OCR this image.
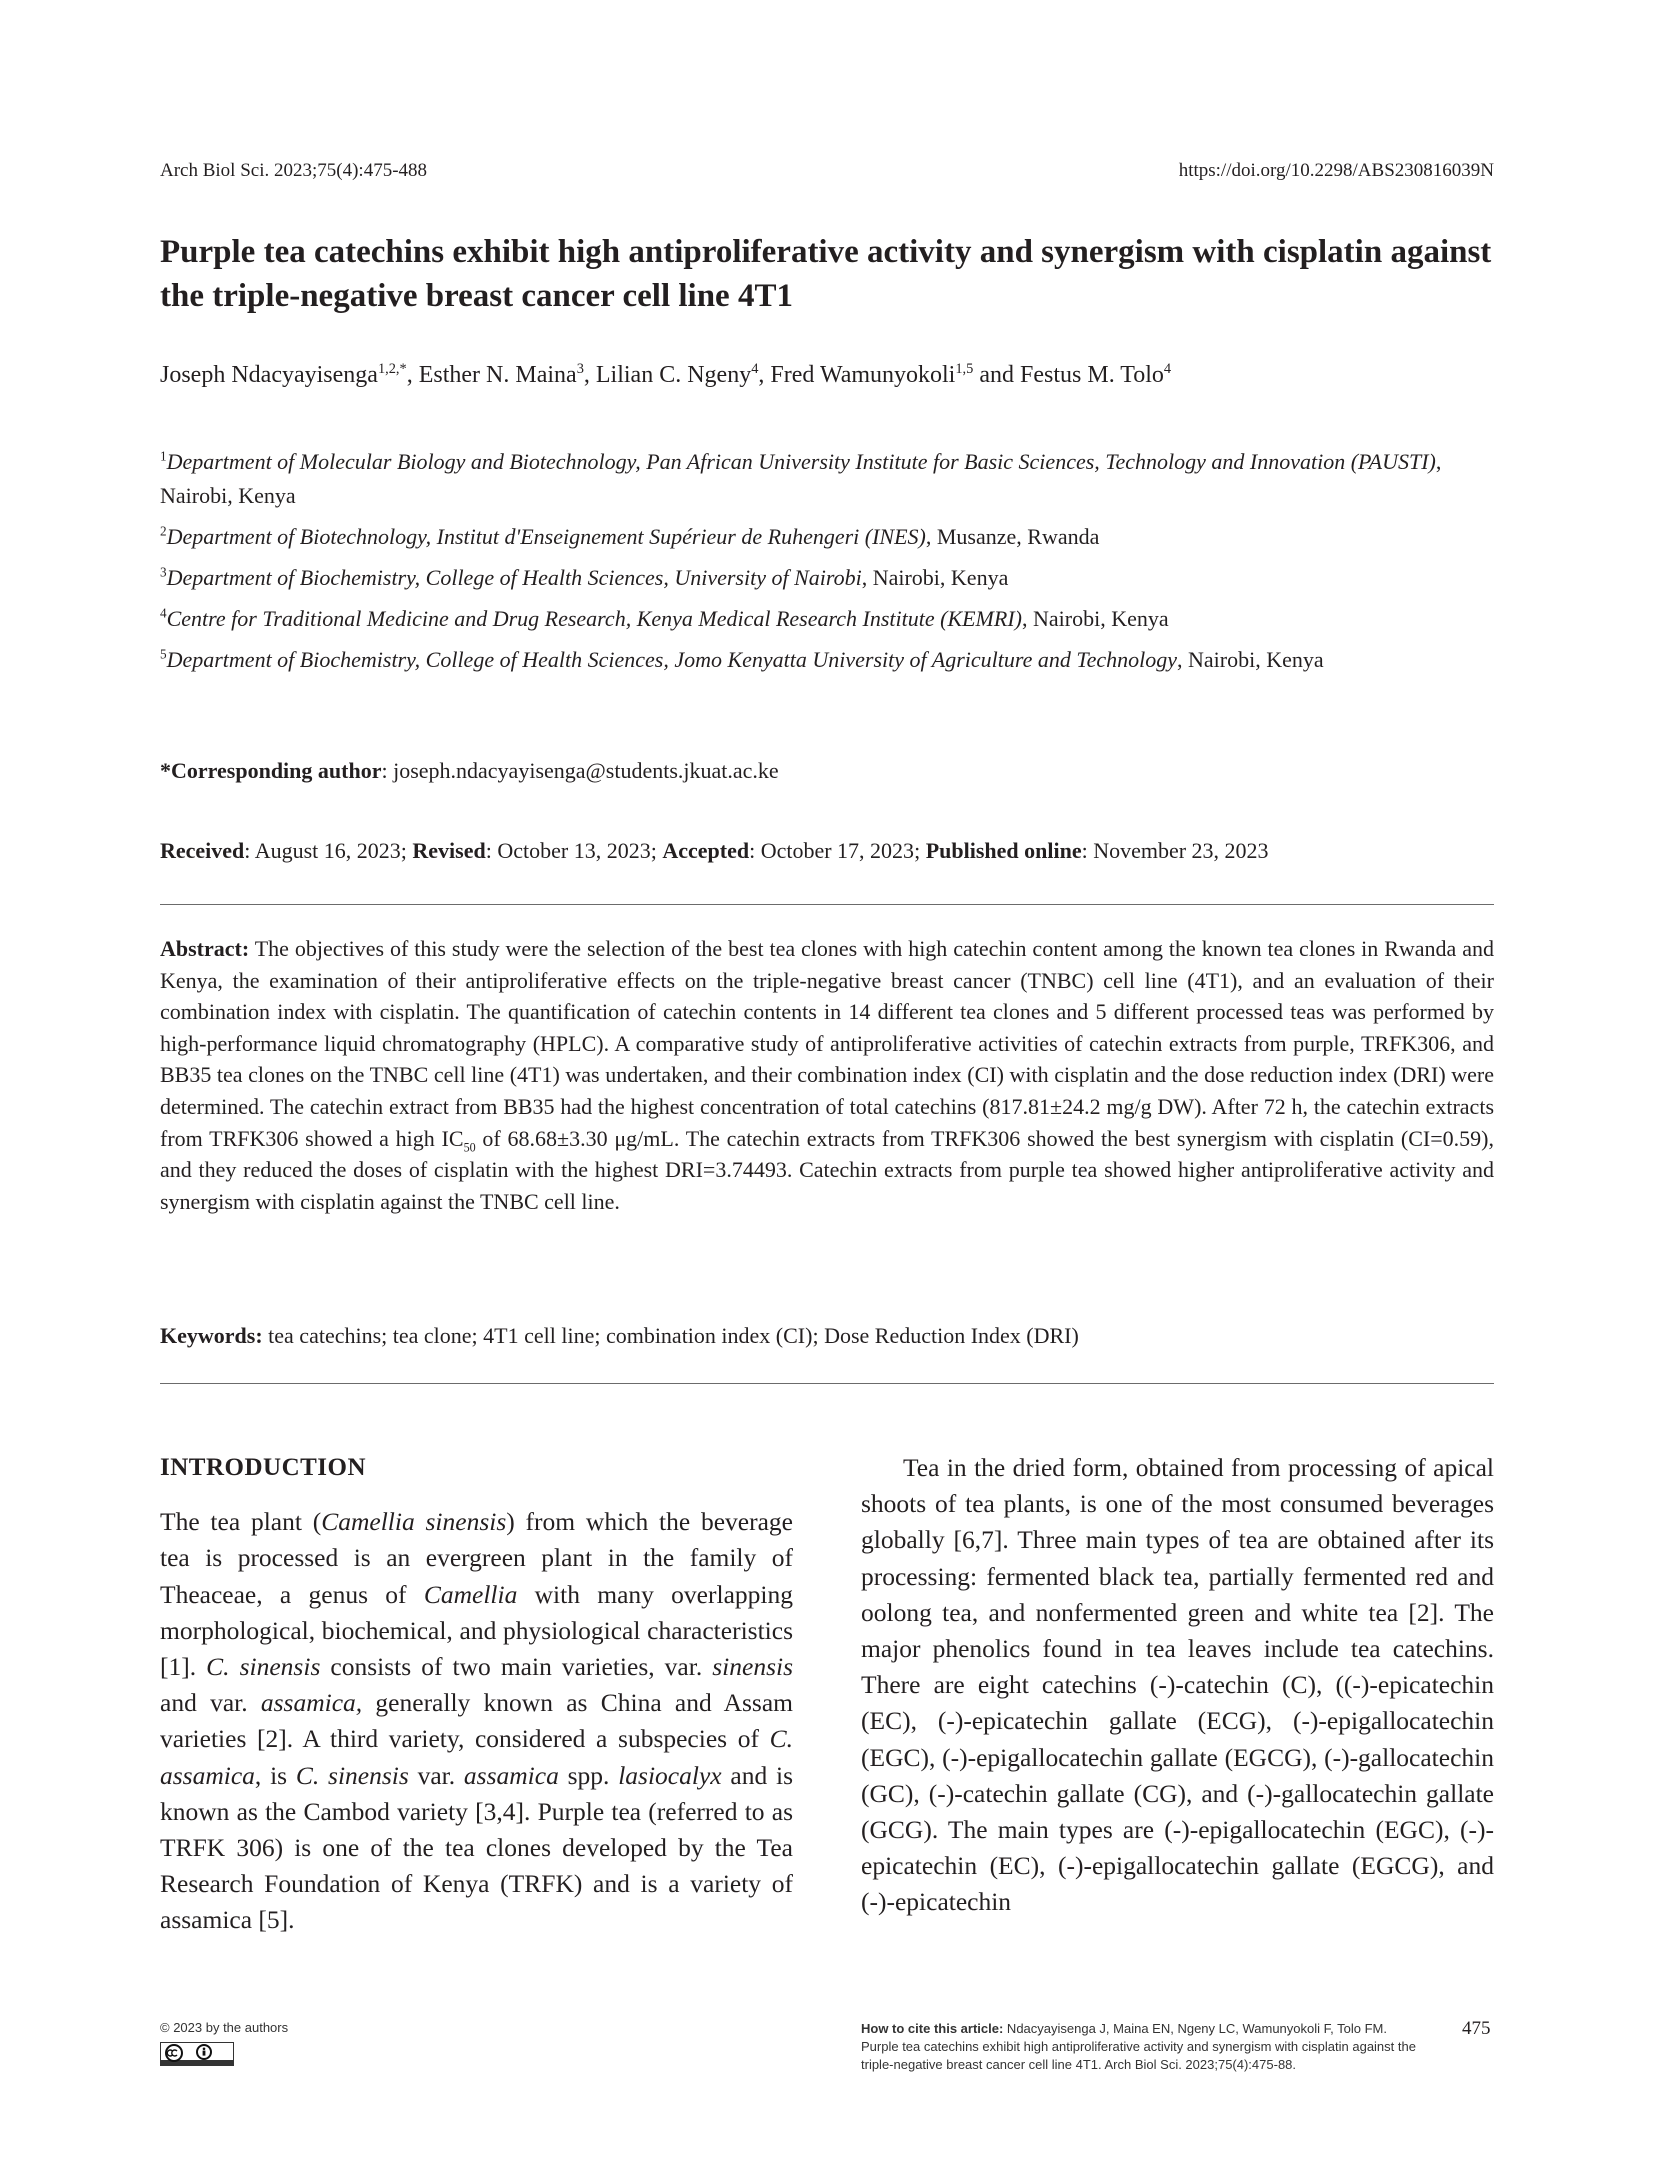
Arch Biol Sci. 2023;75(4):475-488	https://doi.org/10.2298/ABS230816039N
Purple tea catechins exhibit high antiproliferative activity and synergism with cisplatin against the triple-negative breast cancer cell line 4T1
Joseph Ndacyayisenga$^{1,2,*}$, Esther N. Maina$^3$, Lilian C. Ngeny$^4$, Fred Wamunyokoli$^{1,5}$ and Festus M. Tolo$^4$
$^1$Department of Molecular Biology and Biotechnology, Pan African University Institute for Basic Sciences, Technology and Innovation (PAUSTI), Nairobi, Kenya
$^2$Department of Biotechnology, Institut d'Enseignement Supérieur de Ruhengeri (INES), Musanze, Rwanda
$^3$Department of Biochemistry, College of Health Sciences, University of Nairobi, Nairobi, Kenya
$^4$Centre for Traditional Medicine and Drug Research, Kenya Medical Research Institute (KEMRI), Nairobi, Kenya
$^5$Department of Biochemistry, College of Health Sciences, Jomo Kenyatta University of Agriculture and Technology, Nairobi, Kenya
*Corresponding author: joseph.ndacyayisenga@students.jkuat.ac.ke
Received: August 16, 2023; Revised: October 13, 2023; Accepted: October 17, 2023; Published online: November 23, 2023
Abstract: The objectives of this study were the selection of the best tea clones with high catechin content among the known tea clones in Rwanda and Kenya, the examination of their antiproliferative effects on the triple-negative breast cancer (TNBC) cell line (4T1), and an evaluation of their combination index with cisplatin. The quantification of catechin contents in 14 different tea clones and 5 different processed teas was performed by high-performance liquid chromatography (HPLC). A comparative study of antiproliferative activities of catechin extracts from purple, TRFK306, and BB35 tea clones on the TNBC cell line (4T1) was undertaken, and their combination index (CI) with cisplatin and the dose reduction index (DRI) were determined. The catechin extract from BB35 had the highest concentration of total catechins (817.81±24.2 mg/g DW). After 72 h, the catechin extracts from TRFK306 showed a high $IC_{50}$ of 68.68±3.30 μg/mL. The catechin extracts from TRFK306 showed the best synergism with cisplatin (CI=0.59), and they reduced the doses of cisplatin with the highest DRI=3.74493. Catechin extracts from purple tea showed higher antiproliferative activity and synergism with cisplatin against the TNBC cell line.
Keywords: tea catechins; tea clone; 4T1 cell line; combination index (CI); Dose Reduction Index (DRI)
INTRODUCTION

The tea plant (Camellia sinensis) from which the beverage tea is processed is an evergreen plant in the family of Theaceae, a genus of Camellia with many overlapping morphological, biochemical, and physiological characteristics [1]. C. sinensis consists of two main varieties, var. sinensis and var. assamica, generally known as China and Assam varieties [2]. A third variety, considered a subspecies of C. assamica, is C. sinensis var. assamica spp. lasiocalyx and is known as the Cambod variety [3,4]. Purple tea (referred to as TRFK 306) is one of the tea clones developed by the Tea Research Foundation of Kenya (TRFK) and is a variety of assamica [5].

Tea in the dried form, obtained from processing of apical shoots of tea plants, is one of the most consumed beverages globally [6,7]. Three main types of tea are obtained after its processing: fermented black tea, partially fermented red and oolong tea, and nonfermented green and white tea [2]. The major phenolics found in tea leaves include tea catechins. There are eight catechins (-)-catechin (C), ((-)-epicatechin (EC), (-)-epicatechin gallate (ECG), (-)-epigallocatechin (EGC), (-)-epigallocatechin gallate (EGCG), (-)-gallocatechin (GC), (-)-catechin gallate (CG), and (-)-gallocatechin gallate (GCG). The main types are (-)-epigallocatechin (EGC), (-)-epicatechin (EC), (-)-epigallocatechin gallate (EGCG), and (-)-epicatechin

© 2023 by the authors	How to cite this article: Ndacyayisenga J, Maina EN, Ngeny LC, Wamunyokoli F, Tolo FM. Purple tea catechins exhibit high antiproliferative activity and synergism with cisplatin against the triple-negative breast cancer cell line 4T1. Arch Biol Sci. 2023;75(4):475-88.
475
